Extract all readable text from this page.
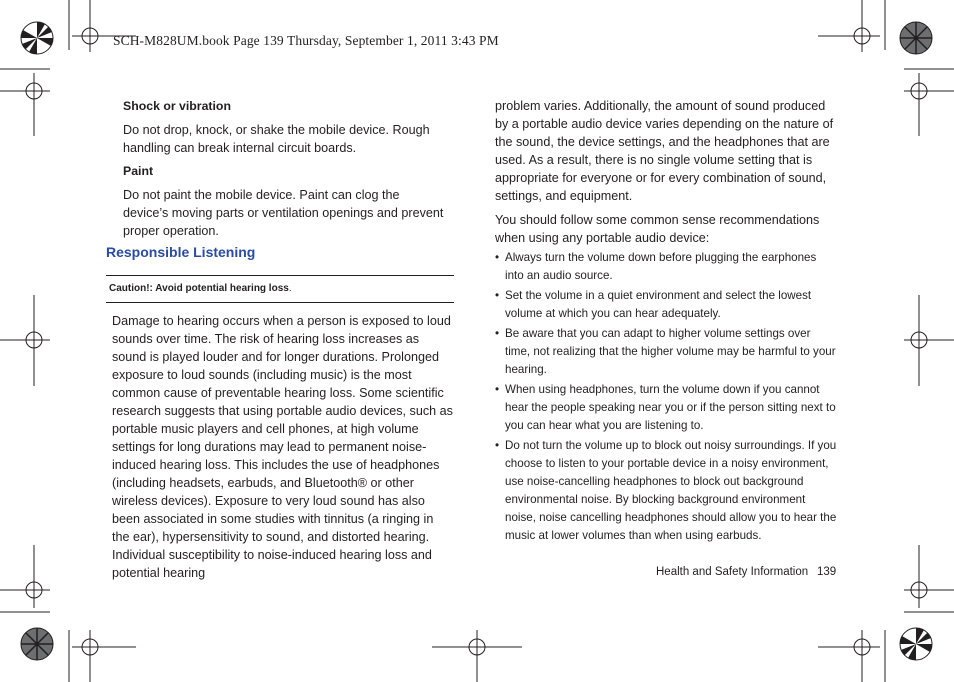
SCH-M828UM.book Page 139 Thursday, September 1, 2011 3:43 PM
Shock or vibration
Do not drop, knock, or shake the mobile device. Rough handling can break internal circuit boards.
Paint
Do not paint the mobile device. Paint can clog the device’s moving parts or ventilation openings and prevent proper operation.
Responsible Listening
Caution!: Avoid potential hearing loss.
Damage to hearing occurs when a person is exposed to loud sounds over time. The risk of hearing loss increases as sound is played louder and for longer durations. Prolonged exposure to loud sounds (including music) is the most common cause of preventable hearing loss. Some scientific research suggests that using portable audio devices, such as portable music players and cell phones, at high volume settings for long durations may lead to permanent noise-induced hearing loss. This includes the use of headphones (including headsets, earbuds, and Bluetooth® or other wireless devices). Exposure to very loud sound has also been associated in some studies with tinnitus (a ringing in the ear), hypersensitivity to sound, and distorted hearing. Individual susceptibility to noise-induced hearing loss and potential hearing
problem varies. Additionally, the amount of sound produced by a portable audio device varies depending on the nature of the sound, the device settings, and the headphones that are used. As a result, there is no single volume setting that is appropriate for everyone or for every combination of sound, settings, and equipment.
You should follow some common sense recommendations when using any portable audio device:
• Always turn the volume down before plugging the earphones into an audio source.
• Set the volume in a quiet environment and select the lowest volume at which you can hear adequately.
• Be aware that you can adapt to higher volume settings over time, not realizing that the higher volume may be harmful to your hearing.
• When using headphones, turn the volume down if you cannot hear the people speaking near you or if the person sitting next to you can hear what you are listening to.
• Do not turn the volume up to block out noisy surroundings. If you choose to listen to your portable device in a noisy environment, use noise-cancelling headphones to block out background environmental noise. By blocking background environment noise, noise cancelling headphones should allow you to hear the music at lower volumes than when using earbuds.
Health and Safety Information 139
